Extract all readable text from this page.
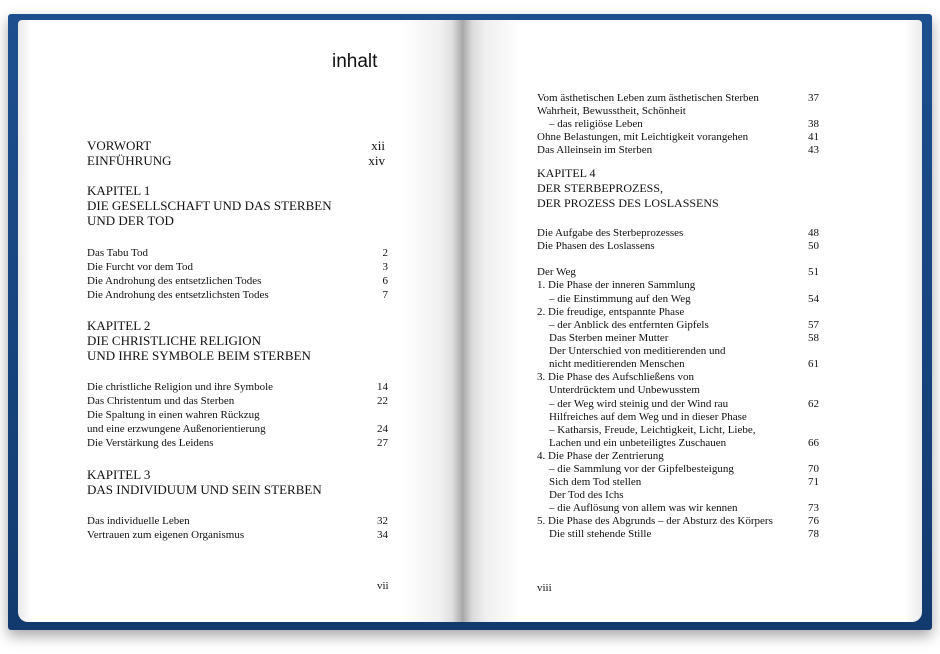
inhalt
VORWORT	xii
EINFÜHRUNG	xiv
KAPITEL 1
DIE GESELLSCHAFT UND DAS STERBEN
UND DER TOD
Das Tabu Tod	2
Die Furcht vor dem Tod	3
Die Androhung des entsetzlichen Todes	6
Die Androhung des entsetzlichsten Todes	7
KAPITEL 2
DIE CHRISTLICHE RELIGION
UND IHRE SYMBOLE BEIM STERBEN
Die christliche Religion und ihre Symbole	14
Das Christentum und das Sterben	22
Die Spaltung in einen wahren Rückzug
und eine erzwungene Außenorientierung	24
Die Verstärkung des Leidens	27
KAPITEL 3
DAS INDIVIDUUM UND SEIN STERBEN
Das individuelle Leben	32
Vertrauen zum eigenen Organismus	34
vii
Vom ästhetischen Leben zum ästhetischen Sterben	37
Wahrheit, Bewusstheit, Schönheit
– das religiöse Leben	38
Ohne Belastungen, mit Leichtigkeit vorangehen	41
Das Alleinsein im Sterben	43
KAPITEL 4
DER STERBEPROZESS,
DER PROZESS DES LOSLASSENS
Die Aufgabe des Sterbeprozesses	48
Die Phasen des Loslassens	50
Der Weg	51
1. Die Phase der inneren Sammlung
– die Einstimmung auf den Weg	54
2. Die freudige, entspannte Phase
– der Anblick des entfernten Gipfels	57
Das Sterben meiner Mutter	58
Der Unterschied von meditierenden und
nicht meditierenden Menschen	61
3. Die Phase des Aufschließens von
Unterdrücktem und Unbewusstem
– der Weg wird steinig und der Wind rau	62
Hilfreiches auf dem Weg und in dieser Phase
– Katharsis, Freude, Leichtigkeit, Licht, Liebe,
Lachen und ein unbeteiligtes Zuschauen	66
4. Die Phase der Zentrierung
– die Sammlung vor der Gipfelbesteigung	70
Sich dem Tod stellen	71
Der Tod des Ichs
– die Auflösung von allem was wir kennen	73
5. Die Phase des Abgrunds – der Absturz des Körpers	76
Die still stehende Stille	78
viii
